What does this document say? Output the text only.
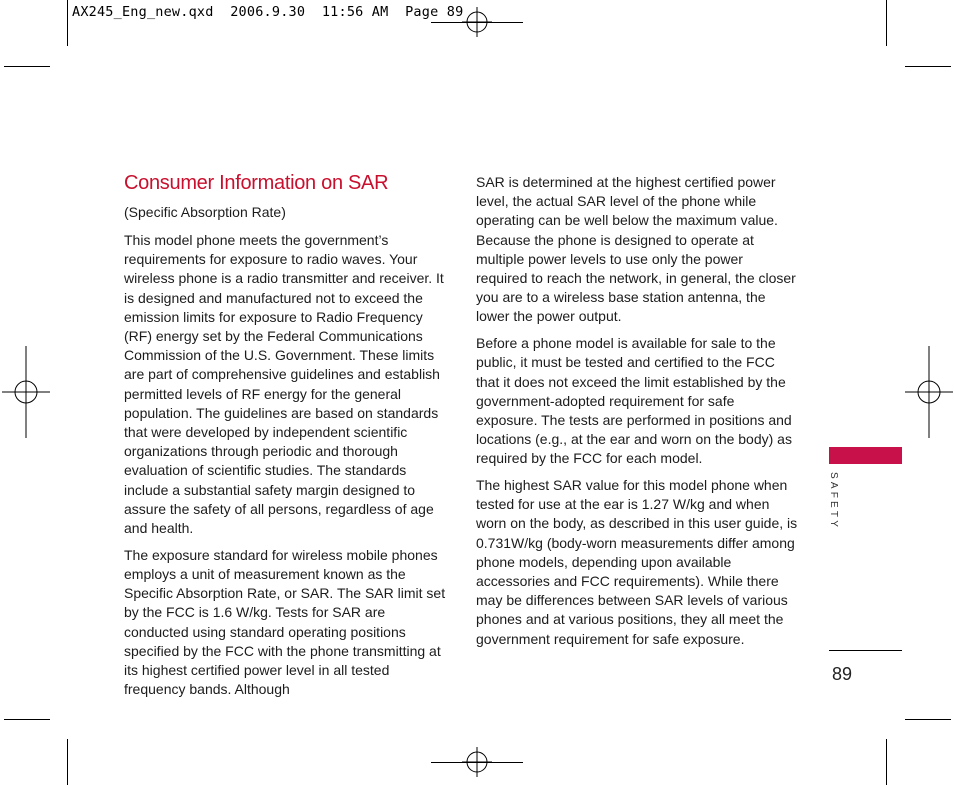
AX245_Eng_new.qxd  2006.9.30  11:56 AM  Page 89
Consumer Information on SAR
(Specific Absorption Rate)

This model phone meets the government’s requirements for exposure to radio waves. Your wireless phone is a radio transmitter and receiver. It is designed and manufactured not to exceed the emission limits for exposure to Radio Frequency (RF) energy set by the Federal Communications Commission of the U.S. Government. These limits are part of comprehensive guidelines and establish permitted levels of RF energy for the general population. The guidelines are based on standards that were developed by independent scientific organizations through periodic and thorough evaluation of scientific studies. The standards include a substantial safety margin designed to assure the safety of all persons, regardless of age and health.

The exposure standard for wireless mobile phones employs a unit of measurement known as the Specific Absorption Rate, or SAR. The SAR limit set by the FCC is 1.6 W/kg. Tests for SAR are conducted using standard operating positions specified by the FCC with the phone transmitting at its highest certified power level in all tested frequency bands. Although

SAR is determined at the highest certified power level, the actual SAR level of the phone while operating can be well below the maximum value. Because the phone is designed to operate at multiple power levels to use only the power required to reach the network, in general, the closer you are to a wireless base station antenna, the lower the power output.

Before a phone model is available for sale to the public, it must be tested and certified to the FCC that it does not exceed the limit established by the government-adopted requirement for safe exposure. The tests are performed in positions and locations (e.g., at the ear and worn on the body) as required by the FCC for each model.

The highest SAR value for this model phone when tested for use at the ear is 1.27 W/kg and when worn on the body, as described in this user guide, is 0.731W/kg (body-worn measurements differ among phone models, depending upon available accessories and FCC requirements). While there may be differences between SAR levels of various phones and at various positions, they all meet the government requirement for safe exposure.

SAFETY
89
